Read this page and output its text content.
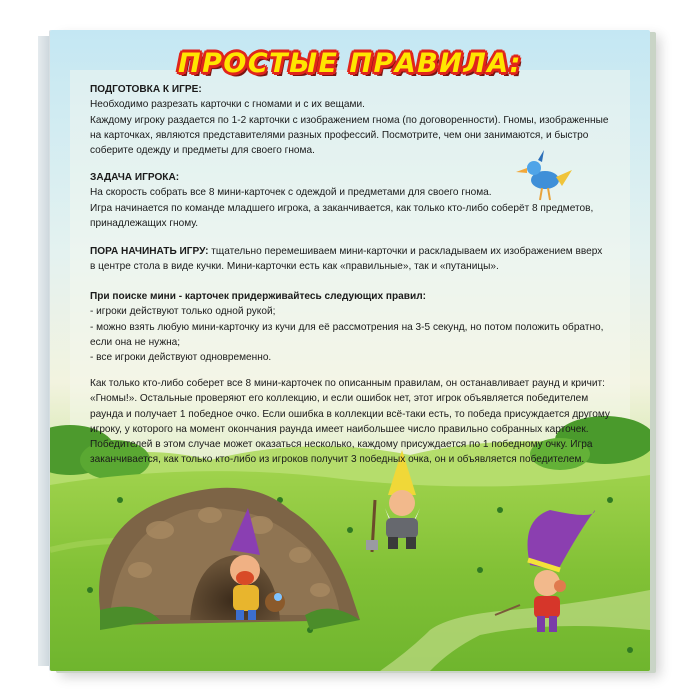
ПРОСТЫЕ ПРАВИЛА:
ПОДГОТОВКА К ИГРЕ:
Необходимо разрезать карточки с гномами и с их вещами.
Каждому игроку раздается по 1-2 карточки с изображением гнома (по договоренности). Гномы, изображенные
на карточках, являются представителями разных профессий. Посмотрите, чем они занимаются, и быстро
соберите одежду и предметы для своего гнома.
ЗАДАЧА ИГРОКА:
На скорость собрать все 8 мини-карточек с одеждой и предметами для своего гнома.
Игра начинается по команде младшего игрока, а заканчивается, как только кто-либо соберёт 8 предметов,
принадлежащих гному.
ПОРА НАЧИНАТЬ ИГРУ: тщательно перемешиваем мини-карточки и раскладываем их изображением вверх
в центре стола в виде кучки. Мини-карточки есть как «правильные», так и «путаницы».
При поиске мини - карточек придерживайтесь следующих правил:
- игроки действуют только одной рукой;
- можно взять любую мини-карточку из кучи для её рассмотрения на 3-5 секунд, но потом положить обратно,
если она не нужна;
- все игроки действуют одновременно.
Как только кто-либо соберет все 8 мини-карточек по описанным правилам, он останавливает раунд и кричит:
«Гномы!». Остальные проверяют его коллекцию, и если ошибок нет, этот игрок объявляется победителем
раунда и получает 1 победное очко. Если ошибка в коллекции всё-таки есть, то победа присуждается другому
игроку, у которого на момент окончания раунда имеет наибольшее число правильно собранных карточек.
Победителей в этом случае может оказаться несколько, каждому присуждается по 1 победному очку. Игра
заканчивается, как только кто-либо из игроков получит 3 победных очка, он и объявляется победителем.
